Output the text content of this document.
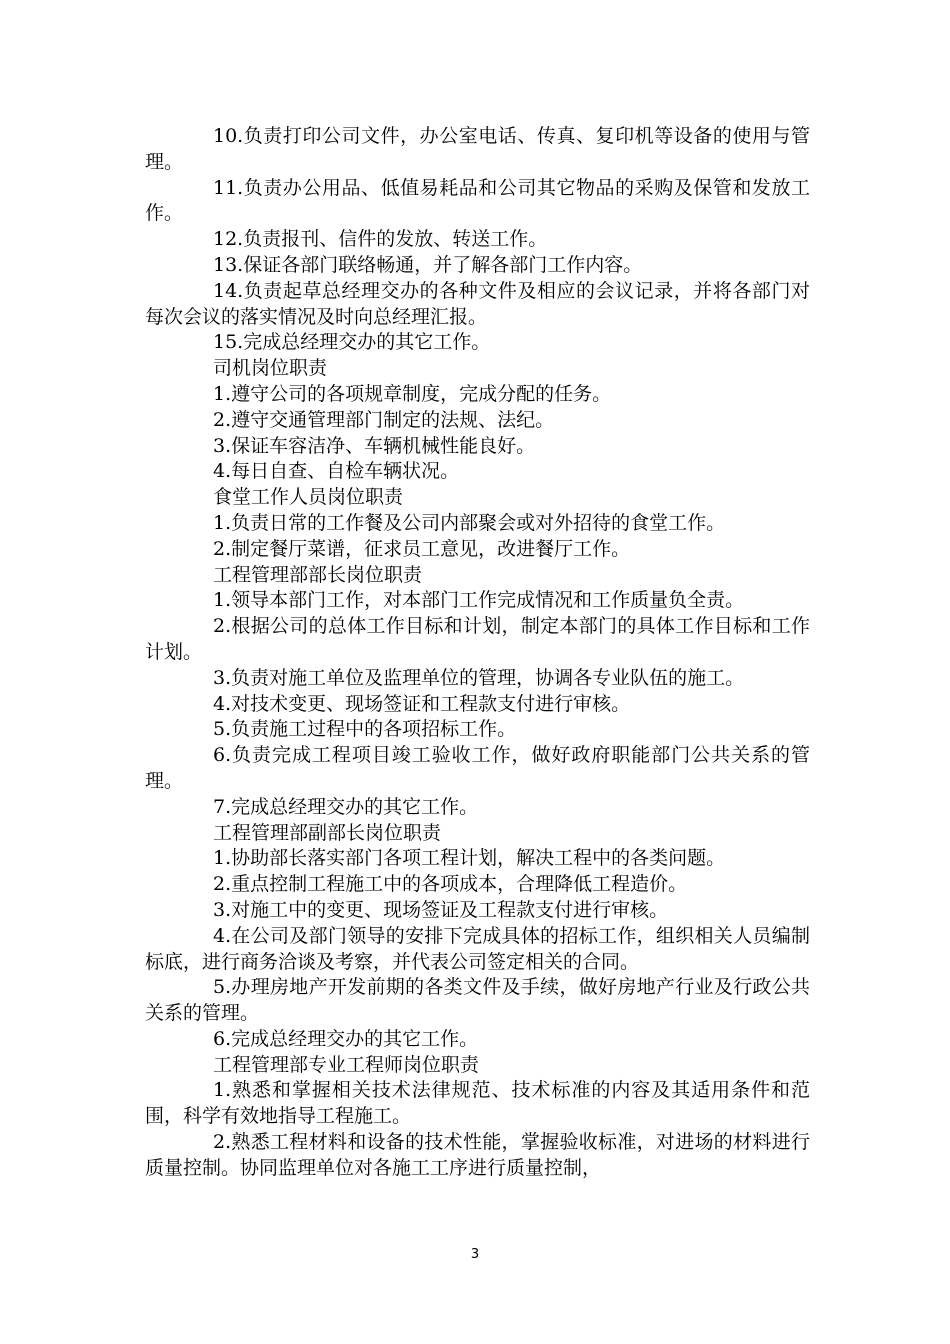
10.负责打印公司文件，办公室电话、传真、复印机等设备的使用与管理。

11.负责办公用品、低值易耗品和公司其它物品的采购及保管和发放工作。

12.负责报刊、信件的发放、转送工作。

13.保证各部门联络畅通，并了解各部门工作内容。

14.负责起草总经理交办的各种文件及相应的会议记录，并将各部门对每次会议的落实情况及时向总经理汇报。

15.完成总经理交办的其它工作。

司机岗位职责

1.遵守公司的各项规章制度，完成分配的任务。

2.遵守交通管理部门制定的法规、法纪。

3.保证车容洁净、车辆机械性能良好。

4.每日自查、自检车辆状况。

食堂工作人员岗位职责

1.负责日常的工作餐及公司内部聚会或对外招待的食堂工作。

2.制定餐厅菜谱，征求员工意见，改进餐厅工作。

工程管理部部长岗位职责

1.领导本部门工作，对本部门工作完成情况和工作质量负全责。

2.根据公司的总体工作目标和计划，制定本部门的具体工作目标和工作计划。

3.负责对施工单位及监理单位的管理，协调各专业队伍的施工。

4.对技术变更、现场签证和工程款支付进行审核。

5.负责施工过程中的各项招标工作。

6.负责完成工程项目竣工验收工作，做好政府职能部门公共关系的管理。

7.完成总经理交办的其它工作。

工程管理部副部长岗位职责

1.协助部长落实部门各项工程计划，解决工程中的各类问题。

2.重点控制工程施工中的各项成本，合理降低工程造价。

3.对施工中的变更、现场签证及工程款支付进行审核。

4.在公司及部门领导的安排下完成具体的招标工作，组织相关人员编制标底，进行商务洽谈及考察，并代表公司签定相关的合同。

5.办理房地产开发前期的各类文件及手续，做好房地产行业及行政公共关系的管理。

6.完成总经理交办的其它工作。

工程管理部专业工程师岗位职责

1.熟悉和掌握相关技术法律规范、技术标准的内容及其适用条件和范围，科学有效地指导工程施工。

2.熟悉工程材料和设备的技术性能，掌握验收标准，对进场的材料进行质量控制。协同监理单位对各施工工序进行质量控制，

3
